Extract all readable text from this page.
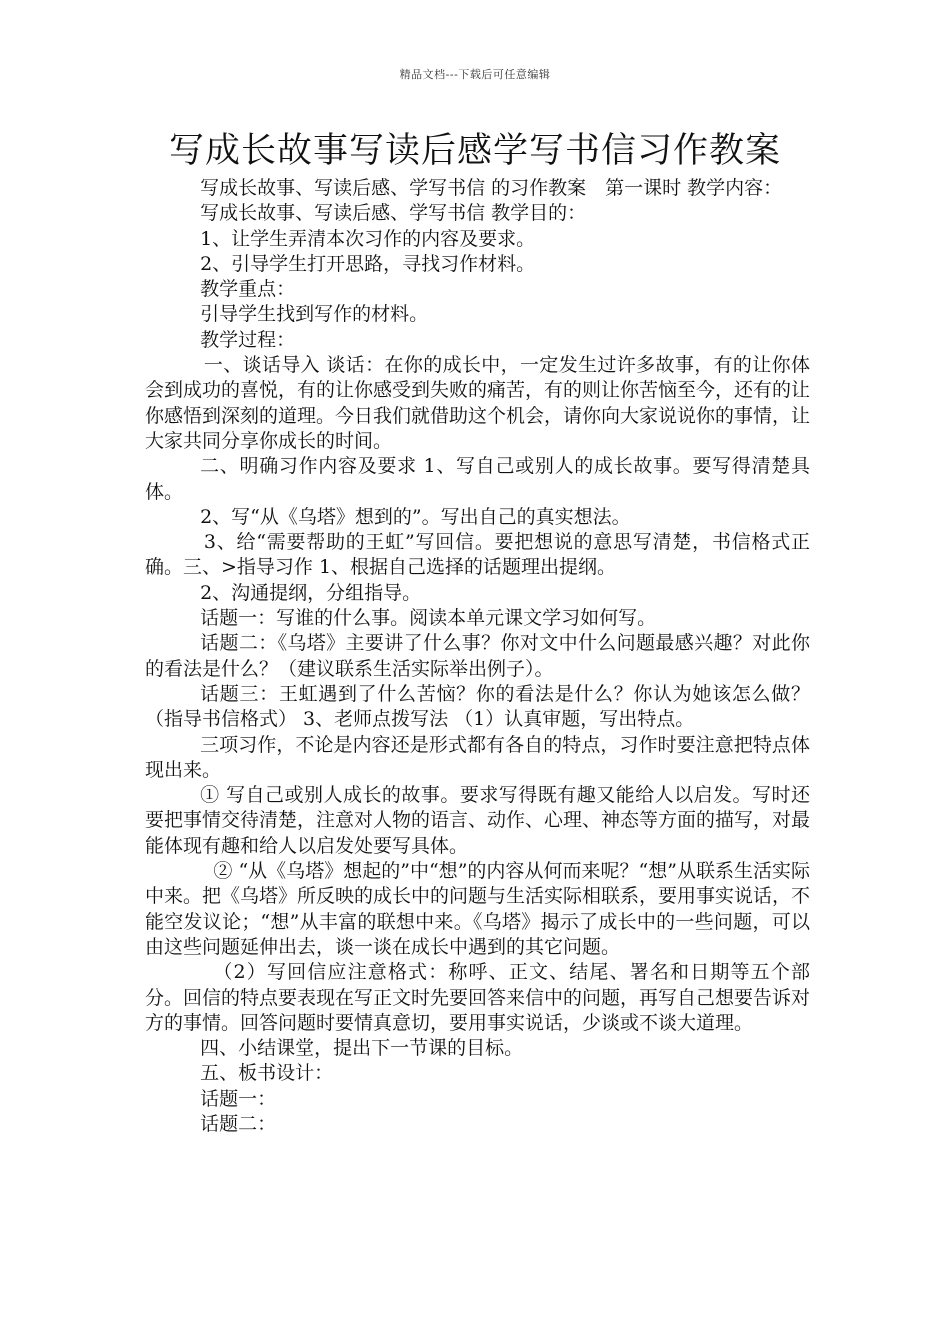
精品文档---下载后可任意编辑
写成长故事写读后感学写书信习作教案

写成长故事、写读后感、学写书信 的习作教案　第一课时 教学内容：

写成长故事、写读后感、学写书信 教学目的：

1、让学生弄清本次习作的内容及要求。

2、引导学生打开思路，寻找习作材料。

教学重点：

引导学生找到写作的材料。

教学过程：

一、谈话导入 谈话：在你的成长中，一定发生过许多故事，有的让你体会到成功的喜悦，有的让你感受到失败的痛苦，有的则让你苦恼至今，还有的让你感悟到深刻的道理。今日我们就借助这个机会，请你向大家说说你的事情，让大家共同分享你成长的时间。

二、明确习作内容及要求 1、写自己或别人的成长故事。要写得清楚具体。

2、写“从《乌塔》想到的”。写出自己的真实想法。

3、给“需要帮助的王虹”写回信。要把想说的意思写清楚，书信格式正确。三、>指导习作 1、根据自己选择的话题理出提纲。

2、沟通提纲，分组指导。

话题一：写谁的什么事。阅读本单元课文学习如何写。

话题二：《乌塔》主要讲了什么事？你对文中什么问题最感兴趣？对此你的看法是什么？（建议联系生活实际举出例子）。

话题三：王虹遇到了什么苦恼？你的看法是什么？你认为她该怎么做？（指导书信格式） 3、老师点拨写法 （1）认真审题，写出特点。

三项习作，不论是内容还是形式都有各自的特点，习作时要注意把特点体现出来。

① 写自己或别人成长的故事。要求写得既有趣又能给人以启发。写时还要把事情交待清楚，注意对人物的语言、动作、心理、神态等方面的描写，对最能体现有趣和给人以启发处要写具体。

② “从《乌塔》想起的”中“想”的内容从何而来呢？“想”从联系生活实际中来。把《乌塔》所反映的成长中的问题与生活实际相联系，要用事实说话，不能空发议论；“想”从丰富的联想中来。《乌塔》揭示了成长中的一些问题，可以由这些问题延伸出去，谈一谈在成长中遇到的其它问题。

（2）写回信应注意格式：称呼、正文、结尾、署名和日期等五个部分。回信的特点要表现在写正文时先要回答来信中的问题，再写自己想要告诉对方的事情。回答问题时要情真意切，要用事实说话，少谈或不谈大道理。

四、小结课堂，提出下一节课的目标。

五、板书设计：

话题一：

话题二：
